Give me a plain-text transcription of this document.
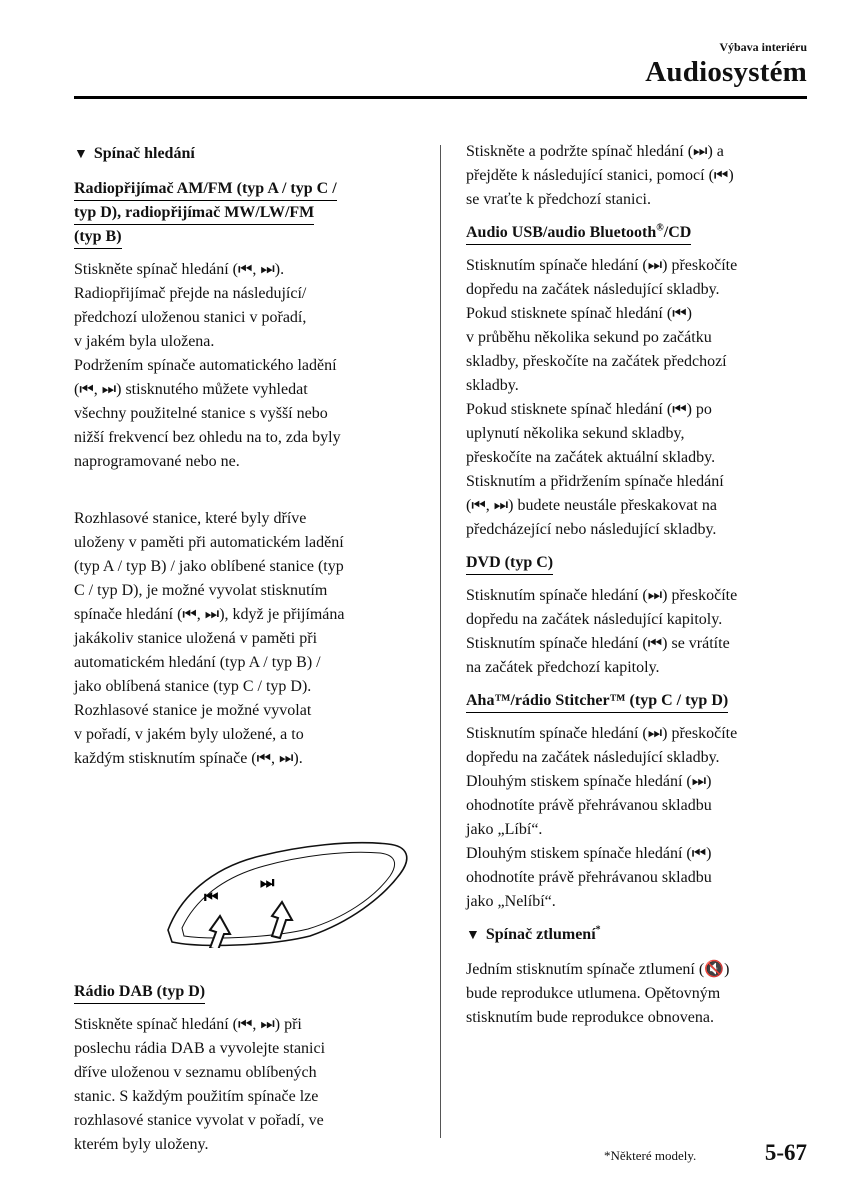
Výbava interiéru
Audiosystém
▼ Spínač hledání
Radiopřijímač AM/FM (typ A / typ C /
typ D), radiopřijímač MW/LW/FM
(typ B)
Stiskněte spínač hledání (⏮, ⏭).
Radiopřijímač přejde na následující/
předchozí uloženou stanici v pořadí,
v jakém byla uložena.
Podržením spínače automatického ladění
(⏮, ⏭) stisknutého můžete vyhledat
všechny použitelné stanice s vyšší nebo
nižší frekvencí bez ohledu na to, zda byly
naprogramované nebo ne.
Rozhlasové stanice, které byly dříve
uloženy v paměti při automatickém ladění
(typ A / typ B) / jako oblíbené stanice (typ
C / typ D), je možné vyvolat stisknutím
spínače hledání (⏮, ⏭), když je přijímána
jakákoliv stanice uložená v paměti při
automatickém hledání (typ A / typ B) /
jako oblíbená stanice (typ C / typ D).
Rozhlasové stanice je možné vyvolat
v pořadí, v jakém byly uložené, a to
každým stisknutím spínače (⏮, ⏭).
⏮
⏭
Rádio DAB (typ D)
Stiskněte spínač hledání (⏮, ⏭) při
poslechu rádia DAB a vyvolejte stanici
dříve uloženou v seznamu oblíbených
stanic. S každým použitím spínače lze
rozhlasové stanice vyvolat v pořadí, ve
kterém byly uloženy.
Stiskněte a podržte spínač hledání (⏭) a
přejděte k následující stanici, pomocí (⏮)
se vraťte k předchozí stanici.
Audio USB/audio Bluetooth®/CD
Stisknutím spínače hledání (⏭) přeskočíte
dopředu na začátek následující skladby.
Pokud stisknete spínač hledání (⏮)
v průběhu několika sekund po začátku
skladby, přeskočíte na začátek předchozí
skladby.
Pokud stisknete spínač hledání (⏮) po
uplynutí několika sekund skladby,
přeskočíte na začátek aktuální skladby.
Stisknutím a přidržením spínače hledání
(⏮, ⏭) budete neustále přeskakovat na
předcházející nebo následující skladby.
DVD (typ C)
Stisknutím spínače hledání (⏭) přeskočíte
dopředu na začátek následující kapitoly.
Stisknutím spínače hledání (⏮) se vrátíte
na začátek předchozí kapitoly.
Aha™/rádio Stitcher™ (typ C / typ D)
Stisknutím spínače hledání (⏭) přeskočíte
dopředu na začátek následující skladby.
Dlouhým stiskem spínače hledání (⏭)
ohodnotíte právě přehrávanou skladbu
jako „Líbí“.
Dlouhým stiskem spínače hledání (⏮)
ohodnotíte právě přehrávanou skladbu
jako „Nelíbí“.
▼ Spínač ztlumení*
Jedním stisknutím spínače ztlumení (🔇)
bude reprodukce utlumena. Opětovným
stisknutím bude reprodukce obnovena.
*Některé modely.	5-67
